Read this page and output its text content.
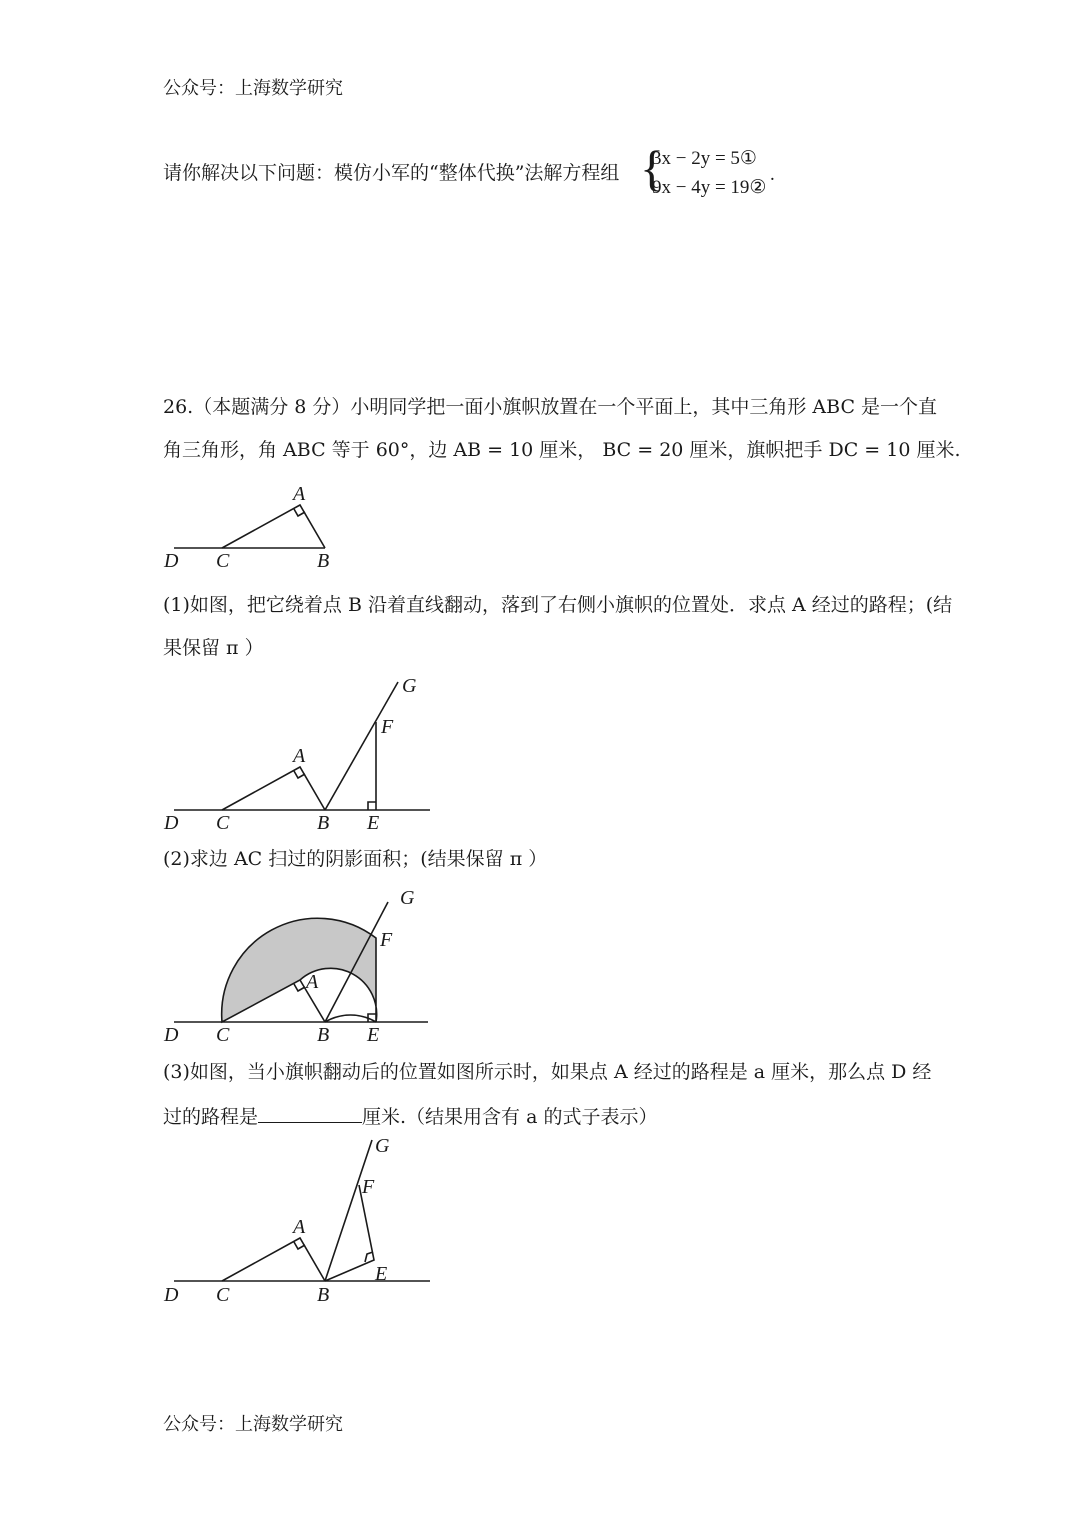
公众号：上海数学研究
请你解决以下问题：模仿小军的“整体代换”法解方程组 {
3x − 2y = 5①
9x − 4y = 19②
.
26.（本题满分 8 分）小明同学把一面小旗帜放置在一个平面上，其中三角形 ABC 是一个直
角三角形，角 ABC 等于 60°，边 AB = 10 厘米， BC = 20 厘米，旗帜把手 DC = 10 厘米.
A
D C	B
(1)如图，把它绕着点 B 沿着直线翻动，落到了右侧小旗帜的位置处．求点 A 经过的路程；(结
果保留 π ）
A
G
F
D C	B E
(2)求边 AC 扫过的阴影面积；(结果保留 π ）
A
G
F
D C	B E
(3)如图，当小旗帜翻动后的位置如图所示时，如果点 A 经过的路程是 a 厘米，那么点 D 经
过的路程是	厘米.（结果用含有 a 的式子表示）
A
G
F
E
D C	B
公众号：上海数学研究
